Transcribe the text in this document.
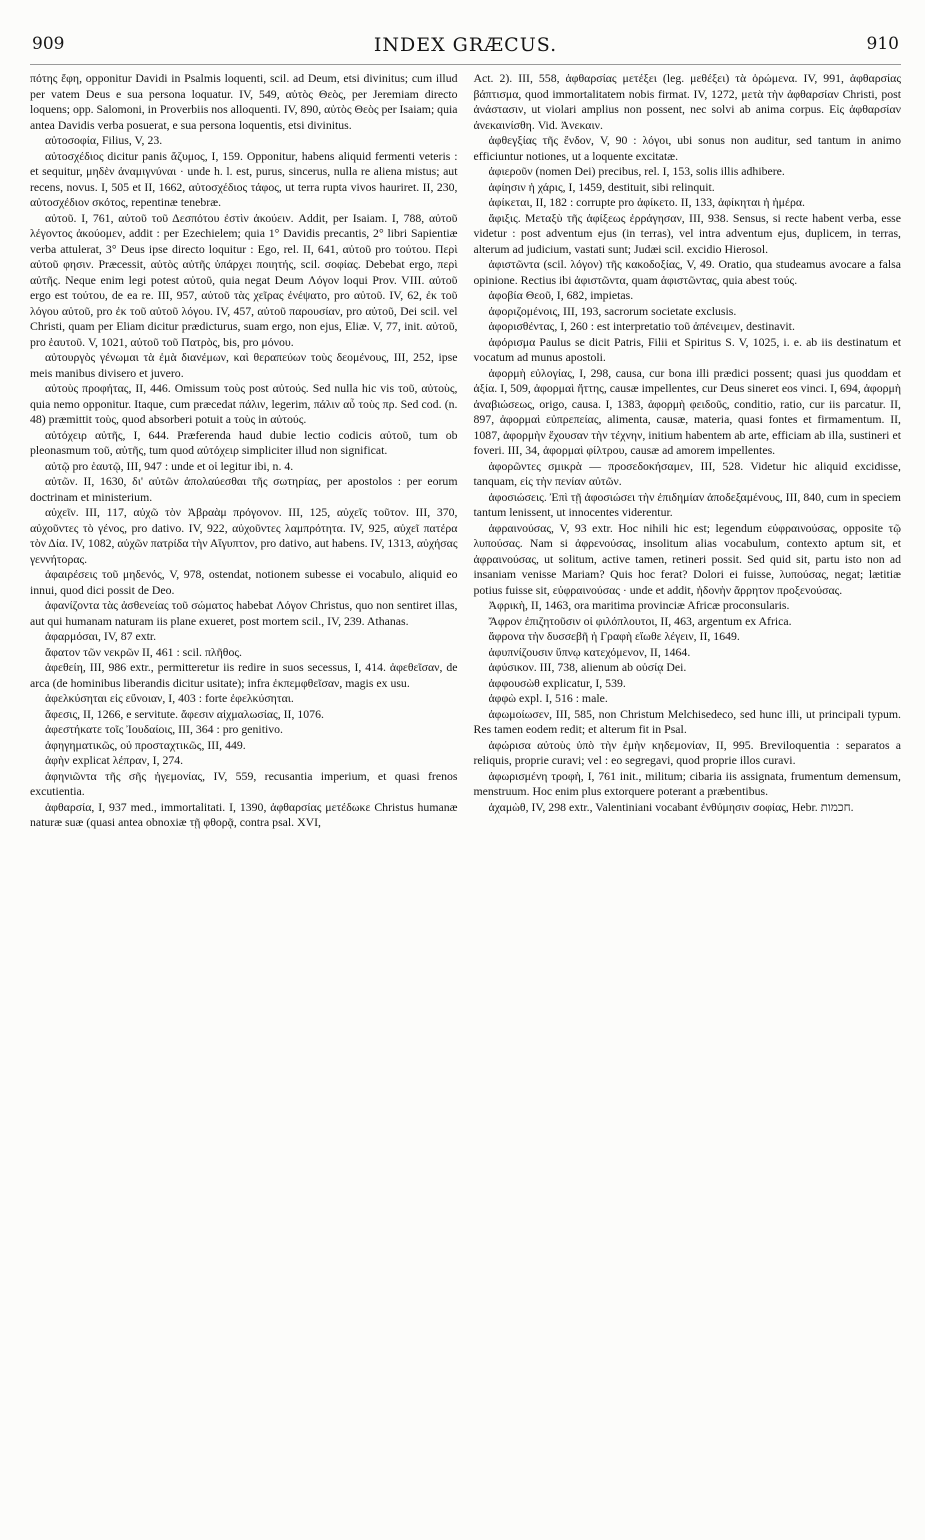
909	INDEX GRÆCUS.	910

πότης ἔφη, opponitur Davidi in Psalmis loquenti, scil. ad Deum, etsi divinitus; cum illud per vatem Deus e sua persona loquatur. IV, 549, αὐτὸς Θεὸς, per Jeremiam directo loquens; opp. Salomoni, in Proverbiis nos alloquenti. IV, 890, αὐτὸς Θεὸς per Isaiam; quia antea Davidis verba posuerat, e sua persona loquentis, etsi divinitus.

αὐτοσοφία, Filius, V, 23.

αὐτοσχέδιος dicitur panis ἄζυμος, I, 159. Opponitur, habens aliquid fermenti veteris : et sequitur, μηδὲν ἀναμιγνύναι · unde h. l. est, purus, sincerus, nulla re aliena mistus; aut recens, novus. I, 505 et II, 1662, αὐτοσχέδιος τάφος, ut terra rupta vivos hauriret. II, 230, αὐτοσχέδιον σκότος, repentinæ tenebræ.

αὐτοῦ. I, 761, αὐτοῦ τοῦ Δεσπότου ἐστὶν ἀκούειν. Addit, per Isaiam. I, 788, αὐτοῦ λέγοντος ἀκούομεν, addit : per Ezechielem; quia 1° Davidis precantis, 2° libri Sapientiæ verba attulerat, 3° Deus ipse directo loquitur : Ego, rel. II, 641, αὐτοῦ pro τούτου. Περὶ αὐτοῦ φησιν. Præcessit, αὐτὸς αὐτῆς ὑπάρχει ποιητής, scil. σοφίας. Debebat ergo, περὶ αὐτῆς. Neque enim legi potest αὐτοῦ, quia negat Deum Λόγον loqui Prov. VIII. αὐτοῦ ergo est τούτου, de ea re. III, 957, αὐτοῦ τὰς χεῖρας ἐνέψατο, pro αὐτοῦ. IV, 62, ἐκ τοῦ λόγου αὐτοῦ, pro ἐκ τοῦ αὐτοῦ λόγου. IV, 457, αὐτοῦ παρουσίαν, pro αὐτοῦ, Dei scil. vel Christi, quam per Eliam dicitur prædicturus, suam ergo, non ejus, Eliæ. V, 77, init. αὐτοῦ, pro ἑαυτοῦ. V, 1021, αὐτοῦ τοῦ Πατρὸς, bis, pro μόνου.

αὐτουργὸς γένωμαι τὰ ἐμὰ διανέμων, καὶ θεραπεύων τοὺς δεομένους, III, 252, ipse meis manibus divisero et juvero.

αὐτοὺς προφήτας, II, 446. Omissum τοὺς post αὐτούς. Sed nulla hic vis τοῦ, αὐτοὺς, quia nemo opponitur. Itaque, cum præcedat πάλιν, legerim, πάλιν αὖ τοὺς πρ. Sed cod. (n. 48) præmittit τοὺς, quod absorberi potuit a τοὺς in αὐτούς.

αὐτόχειρ αὐτῆς, I, 644. Præferenda haud dubie lectio codicis αὐτοῦ, tum ob pleonasmum τοῦ, αὐτῆς, tum quod αὐτόχειρ simpliciter illud non significat.

αὐτῷ pro ἑαυτῷ, III, 947 : unde et οἱ legitur ibi, n. 4.

αὐτῶν. II, 1630, δι' αὐτῶν ἀπολαύεσθαι τῆς σωτηρίας, per apostolos : per eorum doctrinam et ministerium.

αὐχεῖν. III, 117, αὐχῶ τὸν Ἀβραὰμ πρόγονον. III, 125, αὐχεῖς τοῦτον. III, 370, αὐχοῦντες τὸ γένος, pro dativo. IV, 922, αὐχοῦντες λαμπρότητα. IV, 925, αὐχεῖ πατέρα τὸν Δία. IV, 1082, αὐχῶν πατρίδα τὴν Αἴγυπτον, pro dativo, aut habens. IV, 1313, αὐχήσας γεννήτορας.

ἀφαιρέσεις τοῦ μηδενός, V, 978, ostendat, notionem subesse ei vocabulo, aliquid eo innui, quod dici possit de Deo.

ἀφανίζοντα τὰς ἀσθενείας τοῦ σώματος habebat Λόγον Christus, quo non sentiret illas, aut qui humanam naturam iis plane exueret, post mortem scil., IV, 239. Athanas.

ἀφαρμόσαι, IV, 87 extr.

ἄφατον τῶν νεκρῶν II, 461 : scil. πλῆθος.

ἀφεθείη, III, 986 extr., permitteretur iis redire in suos secessus, I, 414. ἀφεθεῖσαν, de arca (de hominibus liberandis dicitur usitate); infra ἐκπεμφθεῖσαν, magis ex usu.

ἀφελκύσηται εἰς εὔνοιαν, I, 403 : forte ἐφελκύσηται.

ἄφεσις, II, 1266, e servitute. ἄφεσιν αἰχμαλωσίας, II, 1076.

ἀφεστήκατε τοῖς Ἰουδαίοις, III, 364 : pro genitivo.

ἀφηγηματικῶς, οὐ προσταχτικῶς, III, 449.

ἀφὴν explicat λέπραν, I, 274.

ἀφηνιῶντα τῆς σῆς ἡγεμονίας, IV, 559, recusantia imperium, et quasi frenos excutientia.

ἀφθαρσία, I, 937 med., immortalitati. I, 1390, ἀφθαρσίας μετέδωκε Christus humanæ naturæ suæ (quasi antea obnoxiæ τῇ φθορᾷ, contra psal. XVI,

Act. 2). III, 558, ἀφθαρσίας μετέξει (leg. μεθέξει) τὰ ὁρώμενα. IV, 991, ἀφθαρσίας βάπτισμα, quod immortalitatem nobis firmat. IV, 1272, μετὰ τὴν ἀφθαρσίαν Christi, post ἀνάστασιν, ut violari amplius non possent, nec solvi ab anima corpus. Εἰς ἀφθαρσίαν ἀνεκαινίσθη. Vid. Ἀνεκαιν.

ἀφθεγξίας τῆς ἔνδον, V, 90 : λόγοι, ubi sonus non auditur, sed tantum in animo efficiuntur notiones, ut a loquente excitatæ.

ἀφιεροῦν (nomen Dei) precibus, rel. I, 153, solis illis adhibere.

ἀφίησιν ἡ χάρις, I, 1459, destituit, sibi relinquit.

ἀφίκεται, II, 182 : corrupte pro ἀφίκετο. II, 133, ἀφίκηται ἡ ἡμέρα.

ἄφιξις. Μεταξὺ τῆς ἀφίξεως ἐρράγησαν, III, 938. Sensus, si recte habent verba, esse videtur : post adventum ejus (in terras), vel intra adventum ejus, duplicem, in terras, alterum ad judicium, vastati sunt; Judæi scil. excidio Hierosol.

ἀφιστῶντα (scil. λόγον) τῆς κακοδοξίας, V, 49. Oratio, qua studeamus avocare a falsa opinione. Rectius ibi ἀφιστῶντα, quam ἀφιστῶντας, quia abest τούς.

ἀφοβία Θεοῦ, I, 682, impietas.

ἀφοριζομένοις, III, 193, sacrorum societate exclusis.

ἀφορισθέντας, I, 260 : est interpretatio τοῦ ἀπένειμεν, destinavit.

ἀφόρισμα Paulus se dicit Patris, Filii et Spiritus S. V, 1025, i. e. ab iis destinatum et vocatum ad munus apostoli.

ἀφορμὴ εὐλογίας, I, 298, causa, cur bona illi prædici possent; quasi jus quoddam et ἀξία. I, 509, ἀφορμαὶ ἥττης, causæ impellentes, cur Deus sineret eos vinci. I, 694, ἀφορμὴ ἀναβιώσεως, origo, causa. I, 1383, ἀφορμὴ φειδοῦς, conditio, ratio, cur iis parcatur. II, 897, ἀφορμαὶ εὐπρεπείας, alimenta, causæ, materia, quasi fontes et firmamentum. II, 1087, ἀφορμὴν ἔχουσαν τὴν τέχνην, initium habentem ab arte, efficiam ab illa, sustineri et foveri. III, 34, ἀφορμαὶ φίλτρου, causæ ad amorem impellentes.

ἀφορῶντες σμικρὰ — προσεδοκήσαμεν, III, 528. Videtur hic aliquid excidisse, tanquam, εἰς τὴν πενίαν αὐτῶν.

ἀφοσιώσεις. Ἐπὶ τῇ ἀφοσιώσει τὴν ἐπιδημίαν ἀποδεξαμένους, III, 840, cum in speciem tantum lenissent, ut innocentes viderentur.

ἀφραινούσας, V, 93 extr. Hoc nihili hic est; legendum εὐφραινούσας, opposite τῷ λυπούσας. Nam si ἀφρενούσας, insolitum alias vocabulum, contexto aptum sit, et ἀφραινούσας, ut solitum, active tamen, retineri possit. Sed quid sit, partu isto non ad insaniam venisse Mariam? Quis hoc ferat? Dolori ei fuisse, λυπούσας, negat; lætitiæ potius fuisse sit, εὐφραινούσας · unde et addit, ἡδονὴν ἄρρητον προξενούσας.

Ἀφρικὴ, II, 1463, ora maritima provinciæ Africæ proconsularis.

Ἄφρον ἐπιζητοῦσιν οἱ φιλόπλουτοι, II, 463, argentum ex Africa.

ἄφρονα τὴν δυσσεβῆ ἡ Γραφὴ εἴωθε λέγειν, II, 1649.

ἀφυπνίζουσιν ὕπνῳ κατεχόμενον, II, 1464.

ἀφύσικον. III, 738, alienum ab οὐσίᾳ Dei.

ἀφφουσὼθ explicatur, I, 539.

ἀφφὼ expl. I, 516 : male.

ἀφωμοίωσεν, III, 585, non Christum Melchisedeco, sed hunc illi, ut principali typum. Res tamen eodem redit; et alterum fit in Psal.

ἀφώρισα αὐτοὺς ὑπὸ τὴν ἐμὴν κηδεμονίαν, II, 995. Breviloquentia : separatos a reliquis, proprie curavi; vel : eo segregavi, quod proprie illos curavi.

ἀφωρισμένη τροφὴ, I, 761 init., militum; cibaria iis assignata, frumentum demensum, menstruum. Hoc enim plus extorquere poterant a præbentibus.

ἀχαμὼθ, IV, 298 extr., Valentiniani vocabant ἐνθύμησιν σοφίας, Hebr. חכמות.
